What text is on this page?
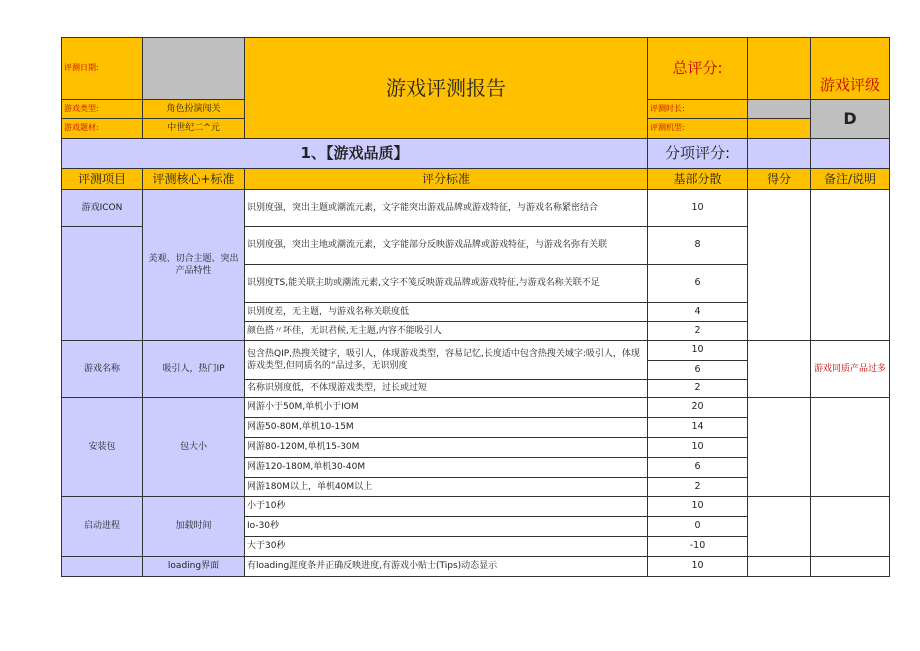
评测日期:		游戏评测报告	总评分:		游戏评级
游戏类型:	角色扮演闯关		评测时长:		D
游戏题材:	中世纪二^元		评测机型:		
1、【游戏品质】			分项评分:		
评测项目	评测核心+标准	评分标准	基部分散	得分	备注/说明
游戏ICON	美观、切合主题、突出产品特性	识别度强，突出主题或潮流元素，文字能突出游戏品牌或游戏特征，与游戏名称紧密结合	10		
		识别度强，突出主地或潮流元素，文字能部分反映游戏品牌或游戏特征，与游戏名弥有关联	8		
		识别度TS,能关联主助或潮流元素,文字不笺反映游戏品牌或游戏特征,与游戏名称关联不足	6		
		识别度差，无主题，与游戏名称关联度低	4		
		颜色搭〃坏佳，无识君候,无主题,内容不能吸引人	2		
游戏名称	吸引人，热门IP	包含热QIP,热搜关键字，吸引人，体现游戏类型，容易记忆,长度适中包含热搜关域字:吸引人，体现游戏类型,但同质名的“品过多，无识别度	10		游戏同质产品过多
			6		
		名称识别度低，不体现游戏类型，过长或过短	2		
安装包	包大小	网游小于50M,单机小于IOM	20		
		网游50-80M,单机10-15M	14		
		网游80-120M,单机15-30M	10		
		网游120-180M,单机30-40M	6		
		网游180M以上，单机40M以上	2		
启动进程	加载时间	小于10秒	10		
		Io-30秒	0		
		大于30秒	-10		
	loading界面	有loading涯度条并正确反映进度,有游戏小贴士(Tips)动态显示	10		
